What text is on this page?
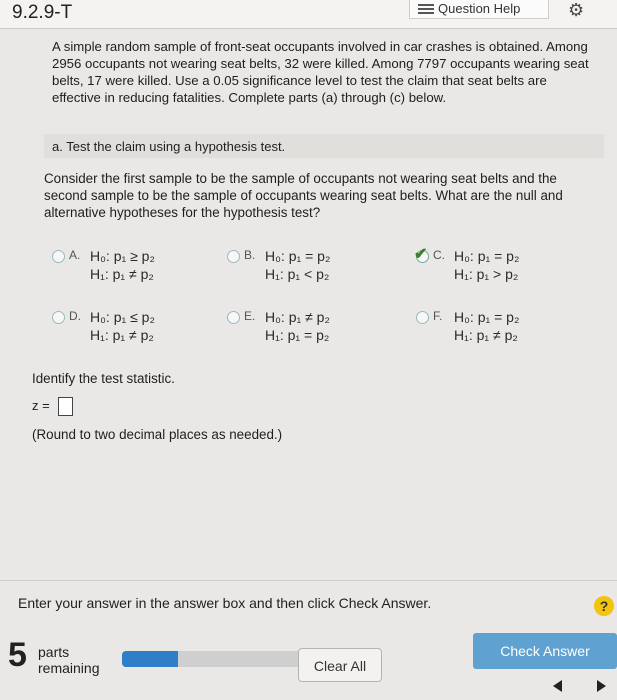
9.2.9-T	Question Help	⚙
A simple random sample of front-seat occupants involved in car crashes is obtained. Among 2956 occupants not wearing seat belts, 32 were killed. Among 7797 occupants wearing seat belts, 17 were killed. Use a 0.05 significance level to test the claim that seat belts are effective in reducing fatalities. Complete parts (a) through (c) below.
a. Test the claim using a hypothesis test.
Consider the first sample to be the sample of occupants not wearing seat belts and the second sample to be the sample of occupants wearing seat belts. What are the null and alternative hypotheses for the hypothesis test?
A. H₀: p₁ ≥ p₂
H₁: p₁ ≠ p₂
B. H₀: p₁ = p₂
H₁: p₁ < p₂
✔ C. H₀: p₁ = p₂
H₁: p₁ > p₂
D. H₀: p₁ ≤ p₂
H₁: p₁ ≠ p₂
E. H₀: p₁ ≠ p₂
H₁: p₁ = p₂
F. H₀: p₁ = p₂
H₁: p₁ ≠ p₂
Identify the test statistic.
z =
(Round to two decimal places as needed.)
Enter your answer in the answer box and then click Check Answer.	?
5 parts
remaining	Clear All
Check Answer
